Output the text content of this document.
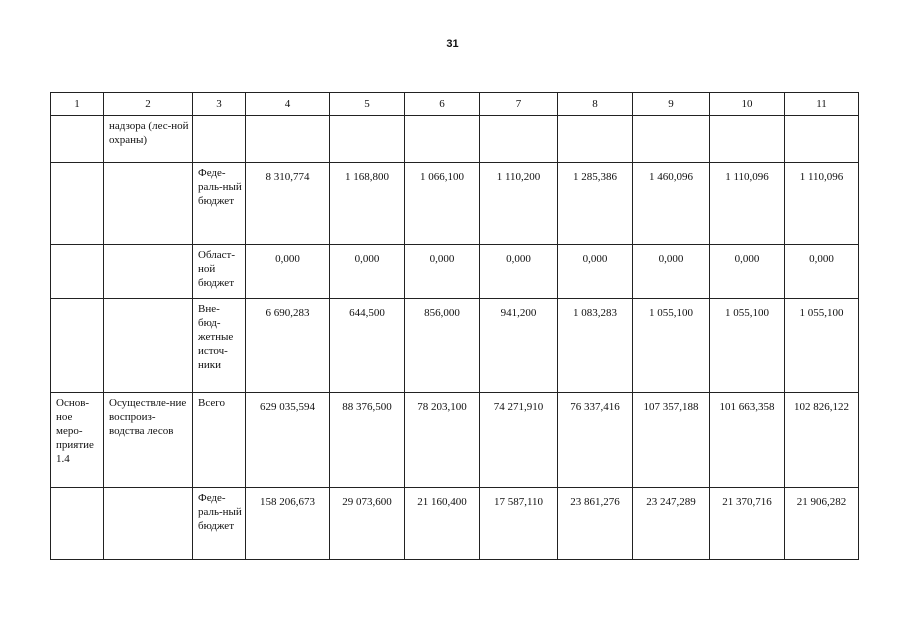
31
1	2	3	4	5	6	7	8	9	10	11
	надзора (лес-ной охраны)									
		Феде-раль-ный бюджет	8 310,774	1 168,800	1 066,100	1 110,200	1 285,386	1 460,096	1 110,096	1 110,096
		Област-ной бюджет	0,000	0,000	0,000	0,000	0,000	0,000	0,000	0,000
		Вне-бюд-жетные источ-ники	6 690,283	644,500	856,000	941,200	1 083,283	1 055,100	1 055,100	1 055,100
Основ-ное меро-приятие 1.4	Осуществле-ние воспроиз-водства лесов	Всего	629 035,594	88 376,500	78 203,100	74 271,910	76 337,416	107 357,188	101 663,358	102 826,122
		Феде-раль-ный бюджет	158 206,673	29 073,600	21 160,400	17 587,110	23 861,276	23 247,289	21 370,716	21 906,282
